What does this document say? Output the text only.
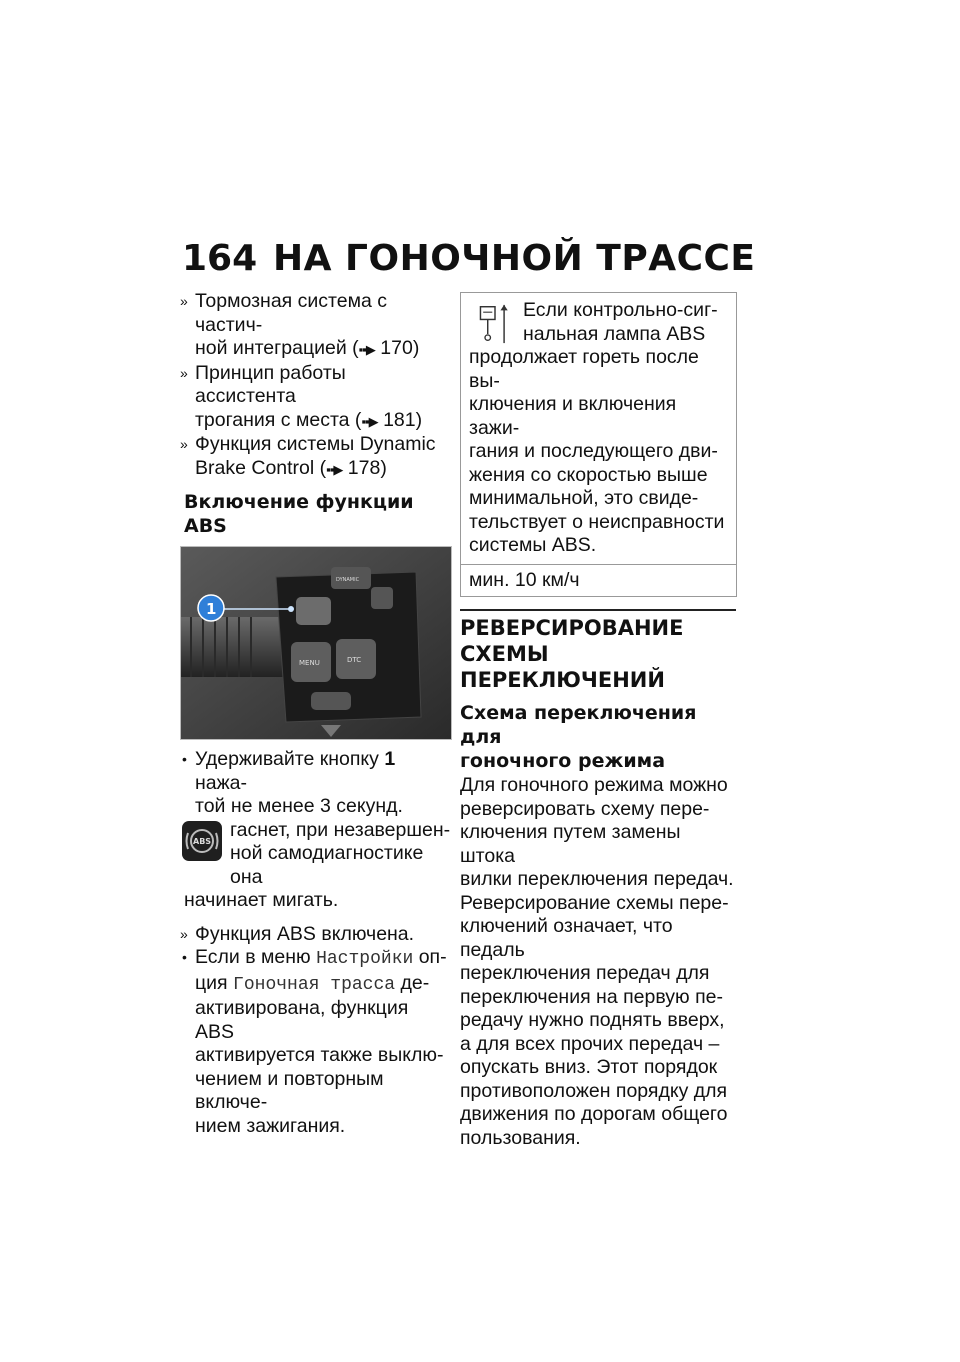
164 НА ГОНОЧНОЙ ТРАССЕ
» Тормозная система с частич-
ной интеграцией (▪▪▶ 170)
» Принцип работы ассистента
трогания с места (▪▪▶ 181)
» Функция системы Dynamic
Brake Control (▪▪▶ 178)
Включение функции ABS
MENU	DTC
DYNAMIC
1
• Удерживайте кнопку 1 нажа-
той не менее 3 секунд.
ABS
гаснет, при незавершен-
ной самодиагностике она
начинает мигать.
» Функция ABS включена.
• Если в меню Настройки оп-
ция Гоночная трасса де-
активирована, функция ABS
активируется также выклю-
чением и повторным включе-
нием зажигания.
Если контрольно-сиг-
нальная лампа ABS
продолжает гореть после вы-
ключения и включения зажи-
гания и последующего дви-
жения со скоростью выше
минимальной, это свиде-
тельствует о неисправности
системы ABS.
мин. 10 км/ч
РЕВЕРСИРОВАНИЕ
СХЕМЫ ПЕРЕКЛЮЧЕНИЙ
Схема переключения для
гоночного режима
Для гоночного режима можно
реверсировать схему пере-
ключения путем замены штока
вилки переключения передач.
Реверсирование схемы пере-
ключений означает, что педаль
переключения передач для
переключения на первую пе-
редачу нужно поднять вверх,
а для всех прочих передач –
опускать вниз. Этот порядок
противоположен порядку для
движения по дорогам общего
пользования.
